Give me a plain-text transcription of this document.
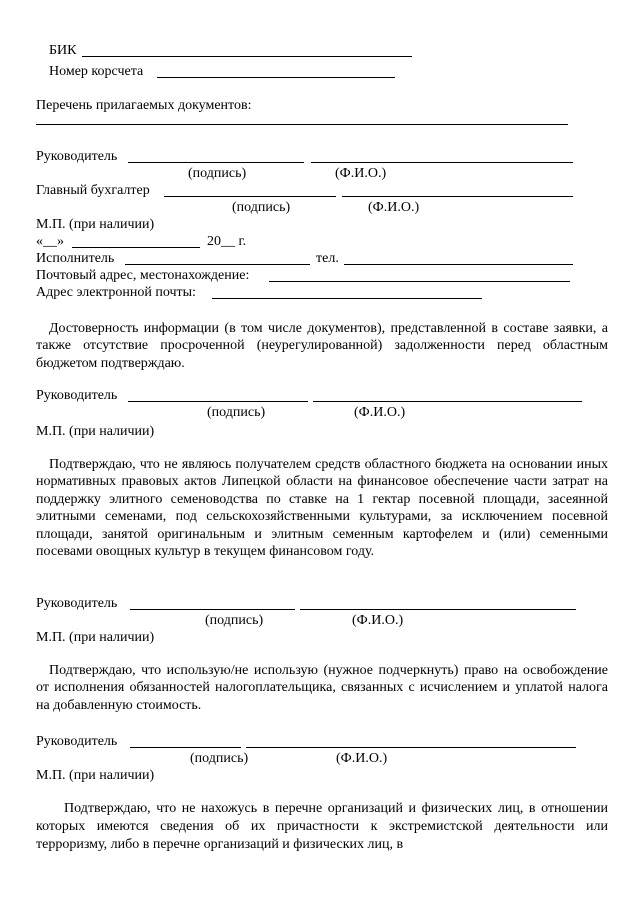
БИК
Номер корсчета
Перечень прилагаемых документов:
Руководитель
(подпись)	(Ф.И.О.)
Главный бухгалтер
(подпись)	(Ф.И.О.)
М.П. (при наличии)
«__»	20__ г.
Исполнитель	тел.
Почтовый адрес, местонахождение:
Адрес электронной почты:
Достоверность информации (в том числе документов), представленной в составе заявки, а также отсутствие просроченной (неурегулированной) задолженности перед областным бюджетом подтверждаю.
Руководитель
(подпись)	(Ф.И.О.)
М.П. (при наличии)
Подтверждаю, что не являюсь получателем средств областного бюджета на основании иных нормативных правовых актов Липецкой области на финансовое обеспечение части затрат на поддержку элитного семеноводства по ставке на 1 гектар посевной площади, засеянной элитными семенами, под сельскохозяйственными культурами, за исключением посевной площади, занятой оригинальным и элитным семенным картофелем и (или) семенными посевами овощных культур в текущем финансовом году.
Руководитель
(подпись)	(Ф.И.О.)
М.П. (при наличии)
Подтверждаю, что использую/не использую (нужное подчеркнуть) право на освобождение от исполнения обязанностей налогоплательщика, связанных с исчислением и уплатой налога на добавленную стоимость.
Руководитель
(подпись)	(Ф.И.О.)
М.П. (при наличии)
Подтверждаю, что не нахожусь в перечне организаций и физических лиц, в отношении которых имеются сведения об их причастности к экстремистской деятельности или терроризму, либо в перечне организаций и физических лиц, в
